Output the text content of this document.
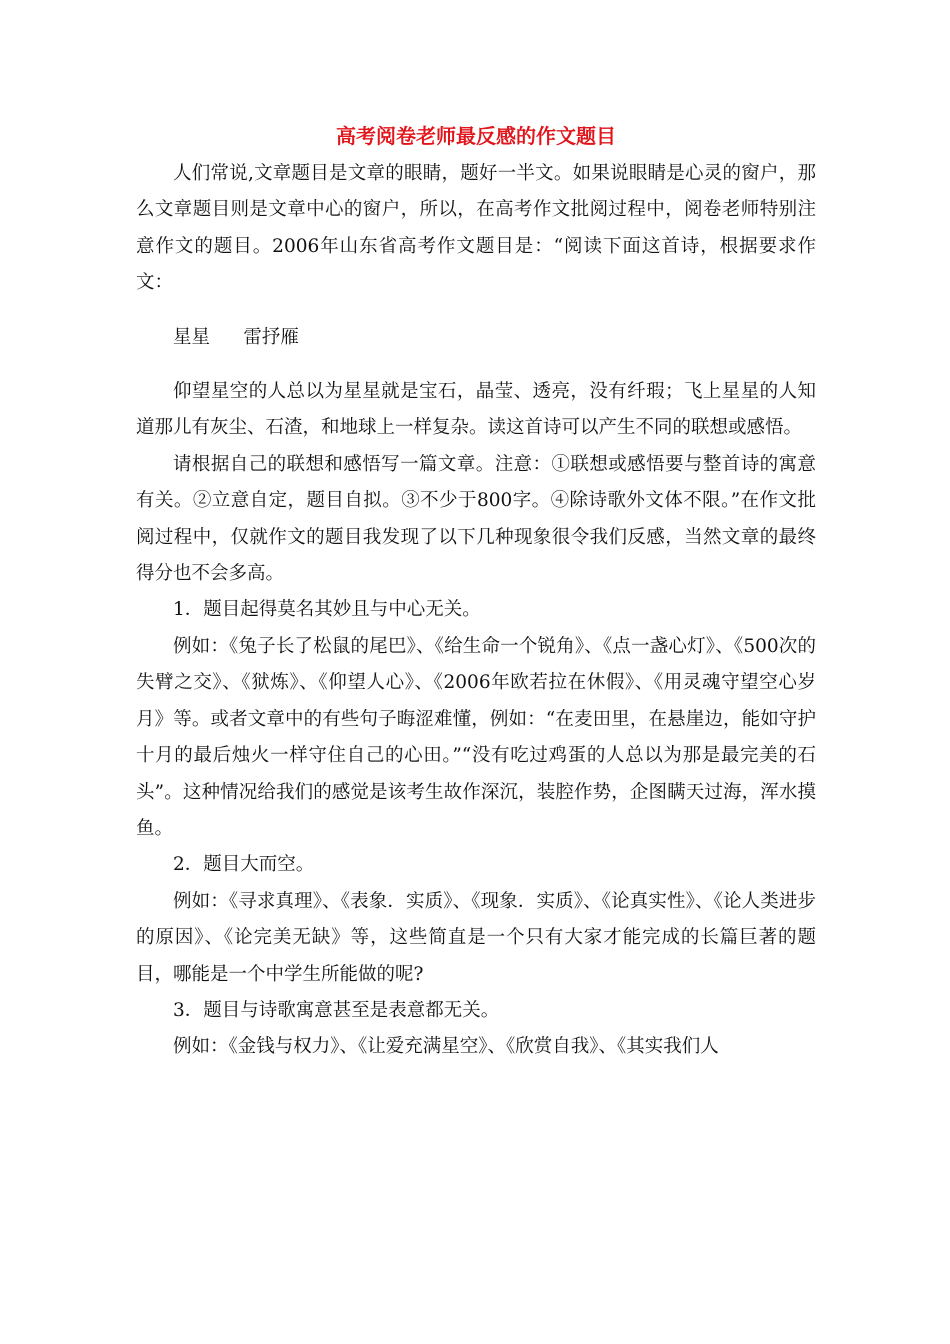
高考阅卷老师最反感的作文题目

人们常说,文章题目是文章的眼睛，题好一半文。如果说眼睛是心灵的窗户，那么文章题目则是文章中心的窗户，所以，在高考作文批阅过程中，阅卷老师特别注意作文的题目。2006年山东省高考作文题目是：“阅读下面这首诗，根据要求作文：

星星 雷抒雁

仰望星空的人总以为星星就是宝石，晶莹、透亮，没有纤瑕；飞上星星的人知道那儿有灰尘、石渣，和地球上一样复杂。读这首诗可以产生不同的联想或感悟。

请根据自己的联想和感悟写一篇文章。注意：①联想或感悟要与整首诗的寓意有关。②立意自定，题目自拟。③不少于800字。④除诗歌外文体不限。”在作文批阅过程中，仅就作文的题目我发现了以下几种现象很令我们反感，当然文章的最终得分也不会多高。

1．题目起得莫名其妙且与中心无关。

例如：《兔子长了松鼠的尾巴》、《给生命一个锐角》、《点一盏心灯》、《500次的失臂之交》、《狱炼》、《仰望人心》、《2006年欧若拉在休假》、《用灵魂守望空心岁月》等。或者文章中的有些句子晦涩难懂，例如：“在麦田里，在悬崖边，能如守护十月的最后烛火一样守住自己的心田。”“没有吃过鸡蛋的人总以为那是最完美的石头”。这种情况给我们的感觉是该考生故作深沉，装腔作势，企图瞒天过海，浑水摸鱼。

2．题目大而空。

例如：《寻求真理》、《表象．实质》、《现象．实质》、《论真实性》、《论人类进步的原因》、《论完美无缺》等，这些简直是一个只有大家才能完成的长篇巨著的题目，哪能是一个中学生所能做的呢?

3．题目与诗歌寓意甚至是表意都无关。

例如：《金钱与权力》、《让爱充满星空》、《欣赏自我》、《其实我们人
